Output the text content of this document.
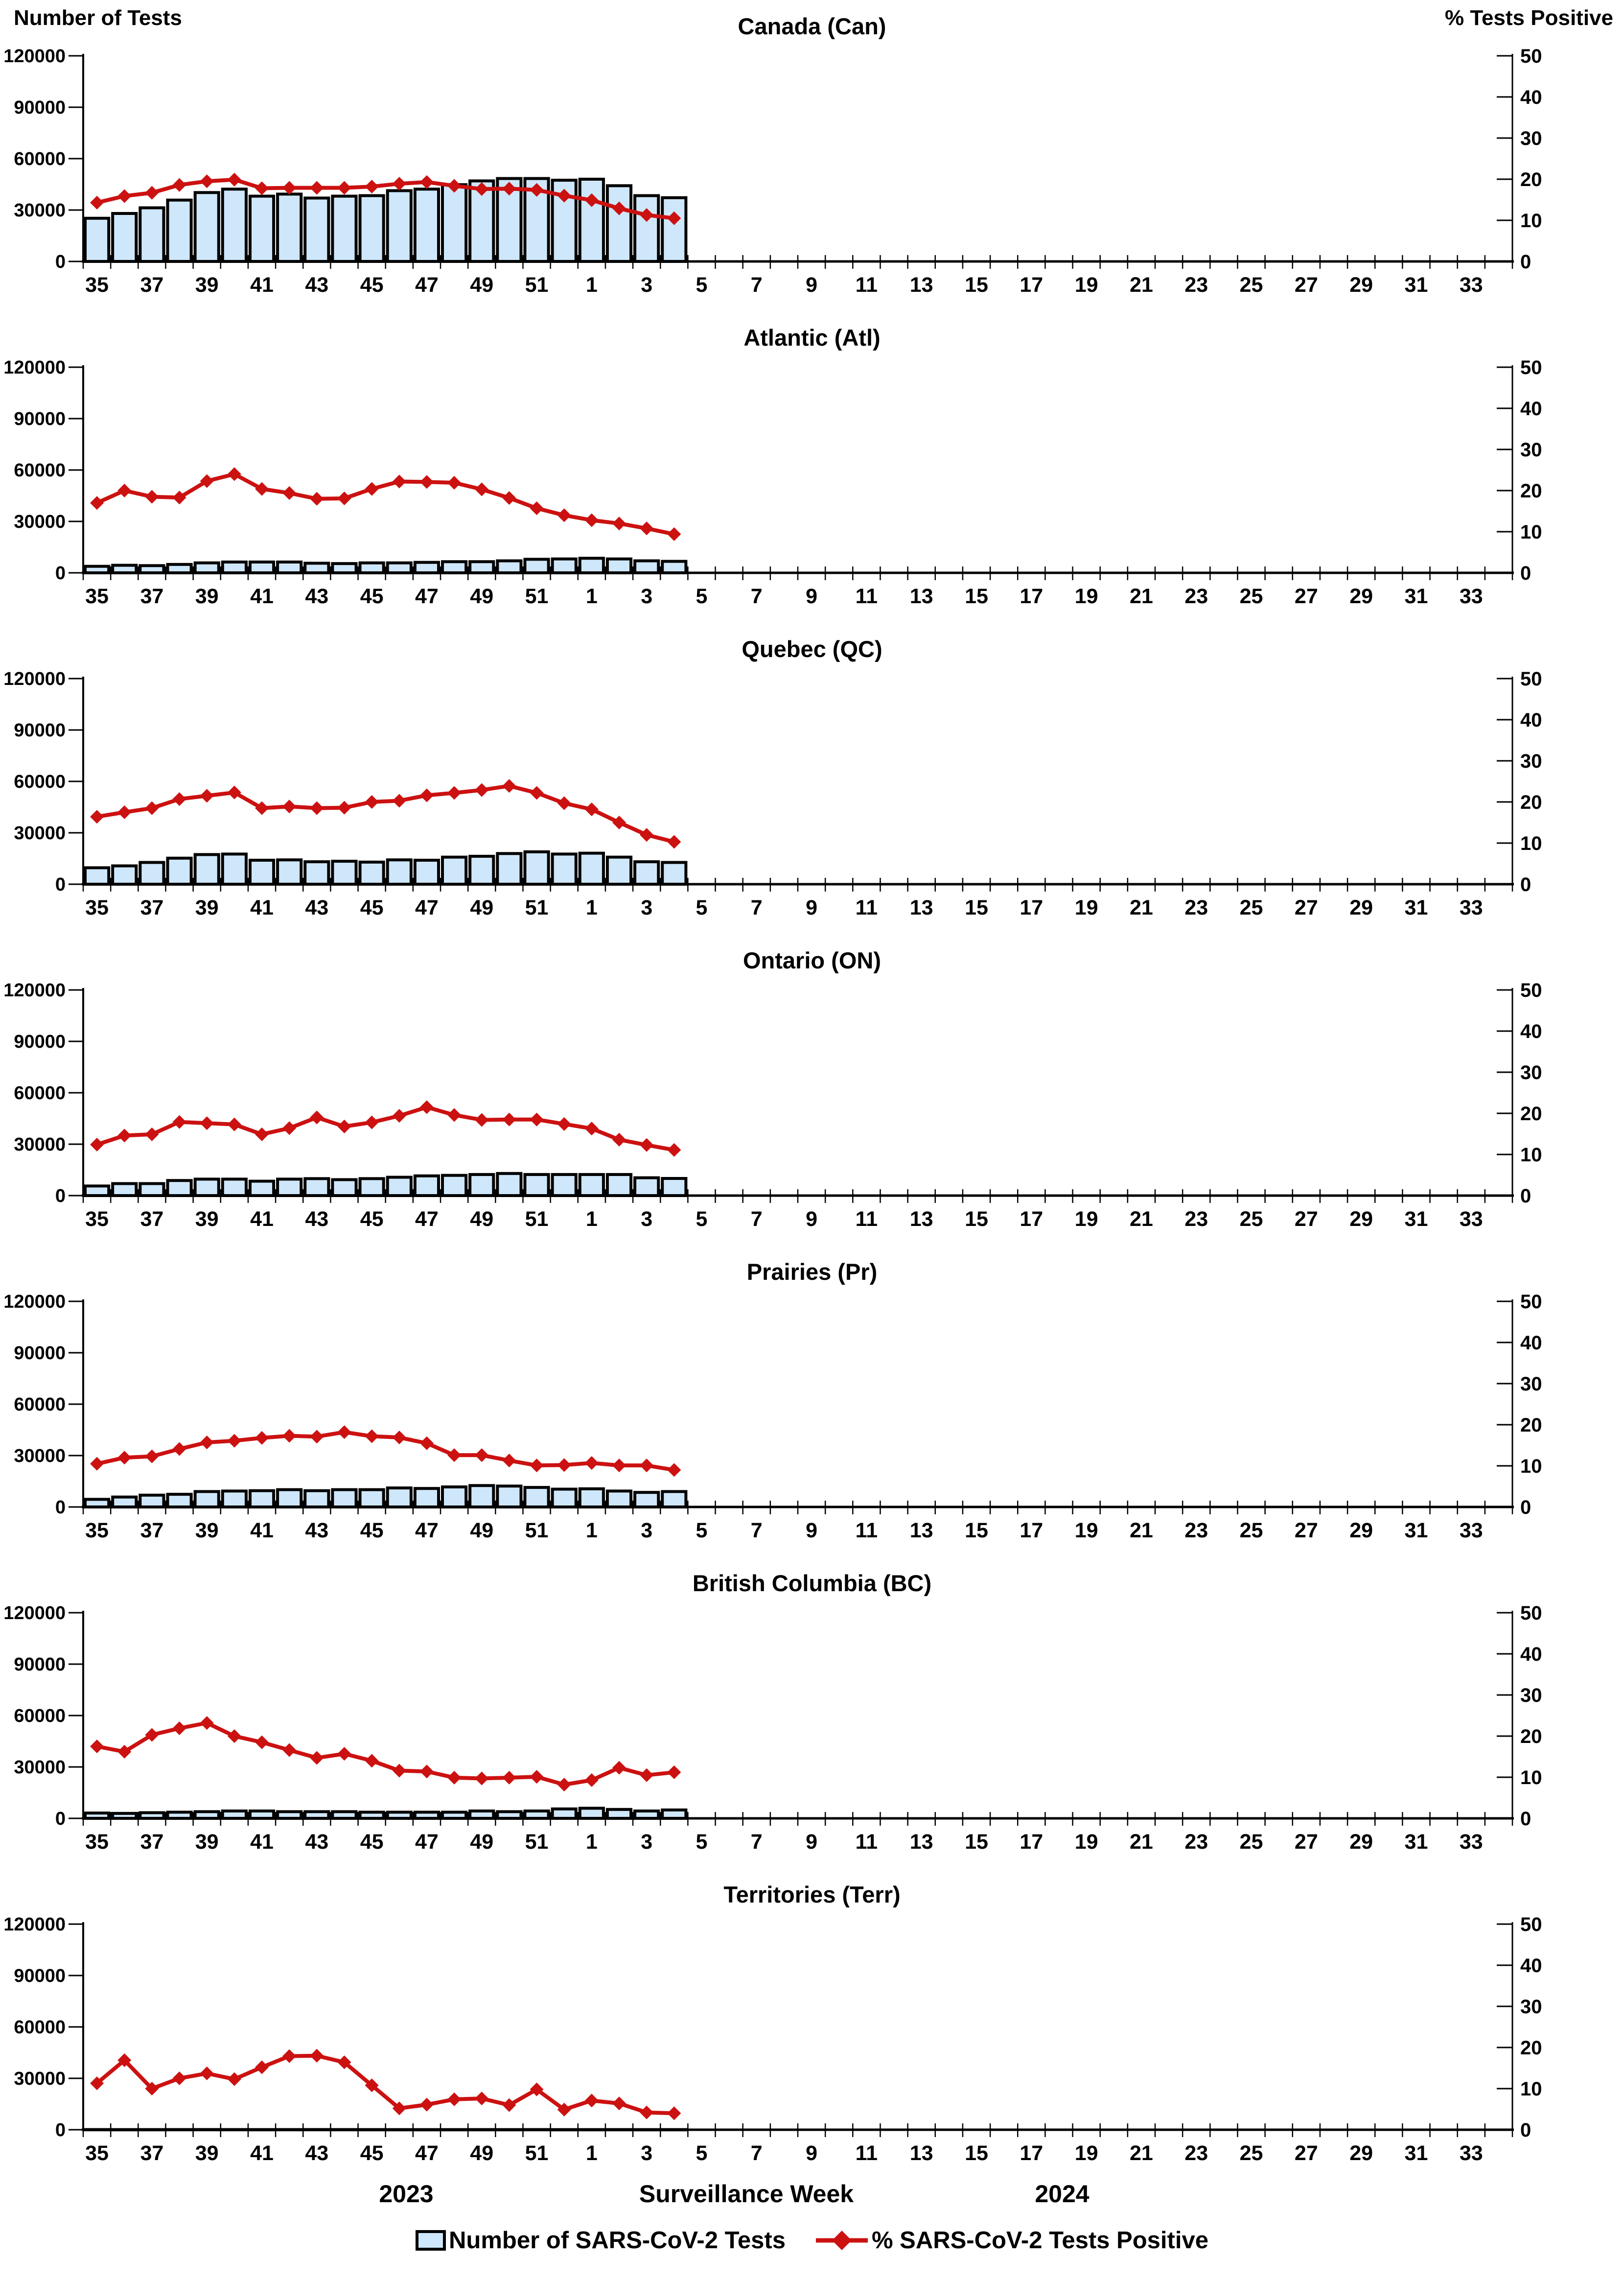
Canada (Can)
0
30000
60000
90000
120000
0
10
20
30
40
50
35 37 39 41 43 45 47 49 51 1 3 5 7 9 11 13 15 17 19 21 23 25 27 29 31 33
Atlantic (Atl)
0
30000
60000
90000
120000
0
10
20
30
40
50
35 37 39 41 43 45 47 49 51 1 3 5 7 9 11 13 15 17 19 21 23 25 27 29 31 33
Quebec (QC)
0
30000
60000
90000
120000
0
10
20
30
40
50
35 37 39 41 43 45 47 49 51 1 3 5 7 9 11 13 15 17 19 21 23 25 27 29 31 33
Ontario (ON)
0
30000
60000
90000
120000
0
10
20
30
40
50
35 37 39 41 43 45 47 49 51 1 3 5 7 9 11 13 15 17 19 21 23 25 27 29 31 33
Prairies (Pr)
0
30000
60000
90000
120000
0
10
20
30
40
50
35 37 39 41 43 45 47 49 51 1 3 5 7 9 11 13 15 17 19 21 23 25 27 29 31 33
British Columbia (BC)
0
30000
60000
90000
120000
0
10
20
30
40
50
35 37 39 41 43 45 47 49 51 1 3 5 7 9 11 13 15 17 19 21 23 25 27 29 31 33
Territories (Terr)
0
30000
60000
90000
120000
0
10
20
30
40
50
35 37 39 41 43 45 47 49 51 1 3 5 7 9 11 13 15 17 19 21 23 25 27 29 31 33
Number of Tests	% Tests Positive
2023	Surveillance Week	2024
Number of SARS-CoV-2 Tests	% SARS-CoV-2 Tests Positive
